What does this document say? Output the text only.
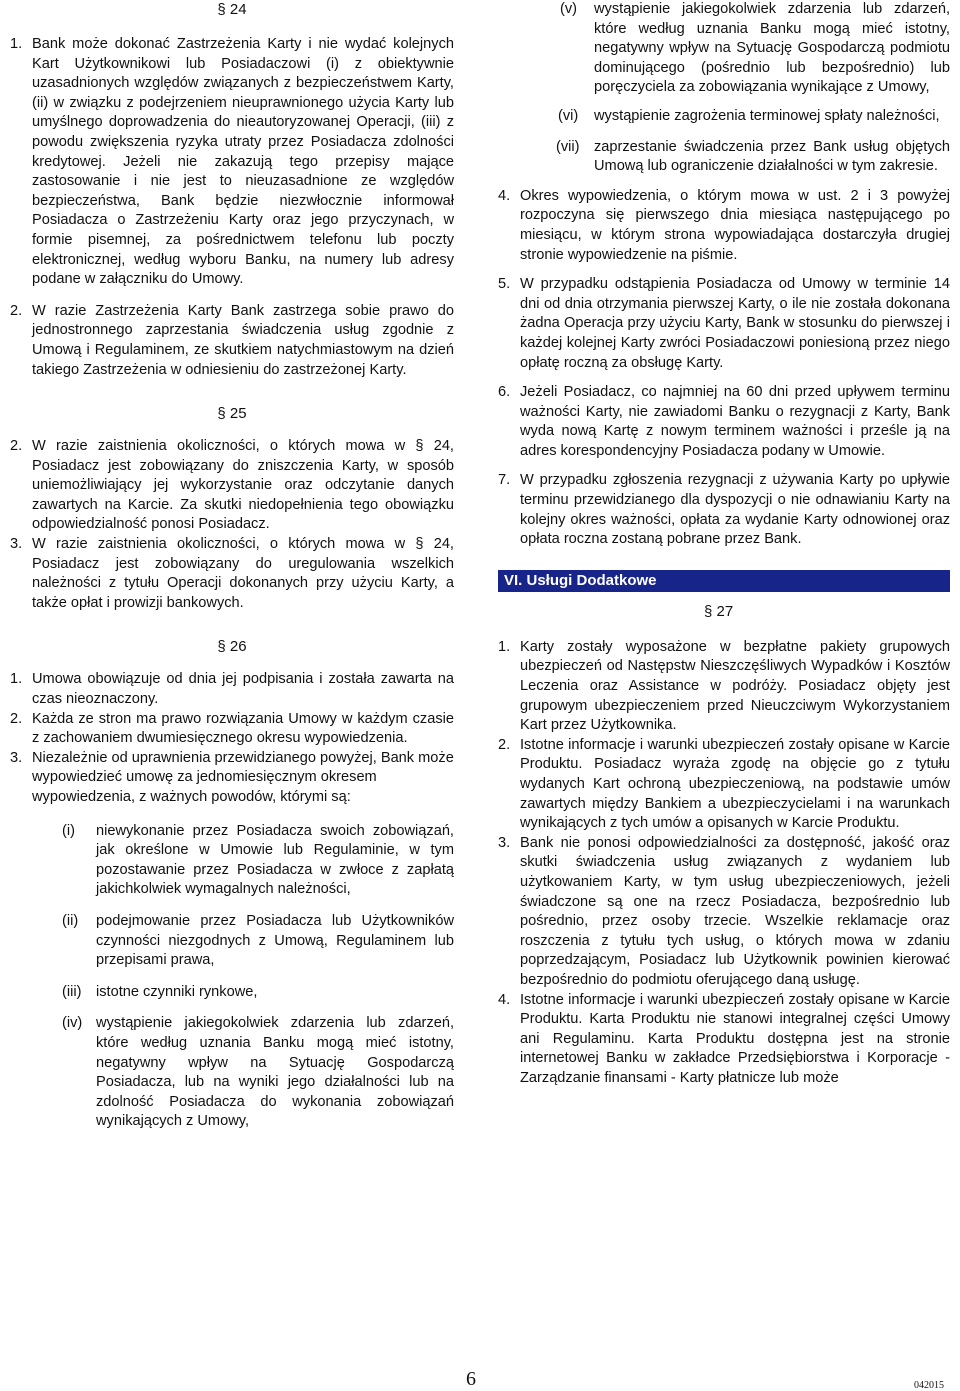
§ 24

1. Bank może dokonać Zastrzeżenia Karty i nie wydać kolejnych Kart Użytkownikowi lub Posiadaczowi (i) z obiektywnie uzasadnionych względów związanych z bezpieczeństwem Karty, (ii) w związku z podejrzeniem nieuprawnionego użycia Karty lub umyślnego doprowadzenia do nieautoryzowanej Operacji, (iii) z powodu zwiększenia ryzyka utraty przez Posiadacza zdolności kredytowej. Jeżeli nie zakazują tego przepisy mające zastosowanie i nie jest to nieuzasadnione ze względów bezpieczeństwa, Bank będzie niezwłocznie informował Posiadacza o Zastrzeżeniu Karty oraz jego przyczynach, w formie pisemnej, za pośrednictwem telefonu lub poczty elektronicznej, według wyboru Banku, na numery lub adresy podane w załączniku do Umowy.
2. W razie Zastrzeżenia Karty Bank zastrzega sobie prawo do jednostronnego zaprzestania świadczenia usług zgodnie z Umową i Regulaminem, ze skutkiem natychmiastowym na dzień takiego Zastrzeżenia w odniesieniu do zastrzeżonej Karty.

§ 25

2. W razie zaistnienia okoliczności, o których mowa w § 24, Posiadacz jest zobowiązany do zniszczenia Karty, w sposób uniemożliwiający jej wykorzystanie oraz odczytanie danych zawartych na Karcie. Za skutki niedopełnienia tego obowiązku odpowiedzialność ponosi Posiadacz.
3. W razie zaistnienia okoliczności, o których mowa w § 24, Posiadacz jest zobowiązany do uregulowania wszelkich należności z tytułu Operacji dokonanych przy użyciu Karty, a także opłat i prowizji bankowych.

§ 26

1. Umowa obowiązuje od dnia jej podpisania i została zawarta na czas nieoznaczony.
2. Każda ze stron ma prawo rozwiązania Umowy w każdym czasie z zachowaniem dwumiesięcznego okresu wypowiedzenia.
3. Niezależnie od uprawnienia przewidzianego powyżej, Bank może wypowiedzieć umowę za jednomiesięcznym okresem wypowiedzenia, z ważnych powodów, którymi są:
(i) niewykonanie przez Posiadacza swoich zobowiązań, jak określone w Umowie lub Regulaminie, w tym pozostawanie przez Posiadacza w zwłoce z zapłatą jakichkolwiek wymagalnych należności,
(ii) podejmowanie przez Posiadacza lub Użytkowników czynności niezgodnych z Umową, Regulaminem lub przepisami prawa,
(iii) istotne czynniki rynkowe,
(iv) wystąpienie jakiegokolwiek zdarzenia lub zdarzeń, które według uznania Banku mogą mieć istotny, negatywny wpływ na Sytuację Gospodarczą Posiadacza, lub na wyniki jego działalności lub na zdolność Posiadacza do wykonania zobowiązań wynikających z Umowy,
(v) wystąpienie jakiegokolwiek zdarzenia lub zdarzeń, które według uznania Banku mogą mieć istotny, negatywny wpływ na Sytuację Gospodarczą podmiotu dominującego (pośrednio lub bezpośrednio) lub poręczyciela za zobowiązania wynikające z Umowy,
(vi) wystąpienie zagrożenia terminowej spłaty należności,
(vii) zaprzestanie świadczenia przez Bank usług objętych Umową lub ograniczenie działalności w tym zakresie.
4. Okres wypowiedzenia, o którym mowa w ust. 2 i 3 powyżej rozpoczyna się pierwszego dnia miesiąca następującego po miesiącu, w którym strona wypowiadająca dostarczyła drugiej stronie wypowiedzenie na piśmie.
5. W przypadku odstąpienia Posiadacza od Umowy w terminie 14 dni od dnia otrzymania pierwszej Karty, o ile nie została dokonana żadna Operacja przy użyciu Karty, Bank w stosunku do pierwszej i każdej kolejnej Karty zwróci Posiadaczowi poniesioną przez niego opłatę roczną za obsługę Karty.
6. Jeżeli Posiadacz, co najmniej na 60 dni przed upływem terminu ważności Karty, nie zawiadomi Banku o rezygnacji z Karty, Bank wyda nową Kartę z nowym terminem ważności i prześle ją na adres korespondencyjny Posiadacza podany w Umowie.
7. W przypadku zgłoszenia rezygnacji z używania Karty po upływie terminu przewidzianego dla dyspozycji o nie odnawianiu Karty na kolejny okres ważności, opłata za wydanie Karty odnowionej oraz opłata roczna zostaną pobrane przez Bank.
VI. Usługi Dodatkowe

§ 27

1. Karty zostały wyposażone w bezpłatne pakiety grupowych ubezpieczeń od Następstw Nieszczęśliwych Wypadków i Kosztów Leczenia oraz Assistance w podróży. Posiadacz objęty jest grupowym ubezpieczeniem przed Nieuczciwym Wykorzystaniem Kart przez Użytkownika.
2. Istotne informacje i warunki ubezpieczeń zostały opisane w Karcie Produktu. Posiadacz wyraża zgodę na objęcie go z tytułu wydanych Kart ochroną ubezpieczeniową, na podstawie umów zawartych między Bankiem a ubezpieczycielami i na warunkach wynikających z tych umów a opisanych w Karcie Produktu.
3. Bank nie ponosi odpowiedzialności za dostępność, jakość oraz skutki świadczenia usług związanych z wydaniem lub użytkowaniem Karty, w tym usług ubezpieczeniowych, jeżeli świadczone są one na rzecz Posiadacza, bezpośrednio lub pośrednio, przez osoby trzecie. Wszelkie reklamacje oraz roszczenia z tytułu tych usług, o których mowa w zdaniu poprzedzającym, Posiadacz lub Użytkownik powinien kierować bezpośrednio do podmiotu oferującego daną usługę.
4. Istotne informacje i warunki ubezpieczeń zostały opisane w Karcie Produktu. Karta Produktu nie stanowi integralnej części Umowy ani Regulaminu. Karta Produktu dostępna jest na stronie internetowej Banku w zakładce Przedsiębiorstwa i Korporacje - Zarządzanie finansami - Karty płatnicze lub może
6	042015
